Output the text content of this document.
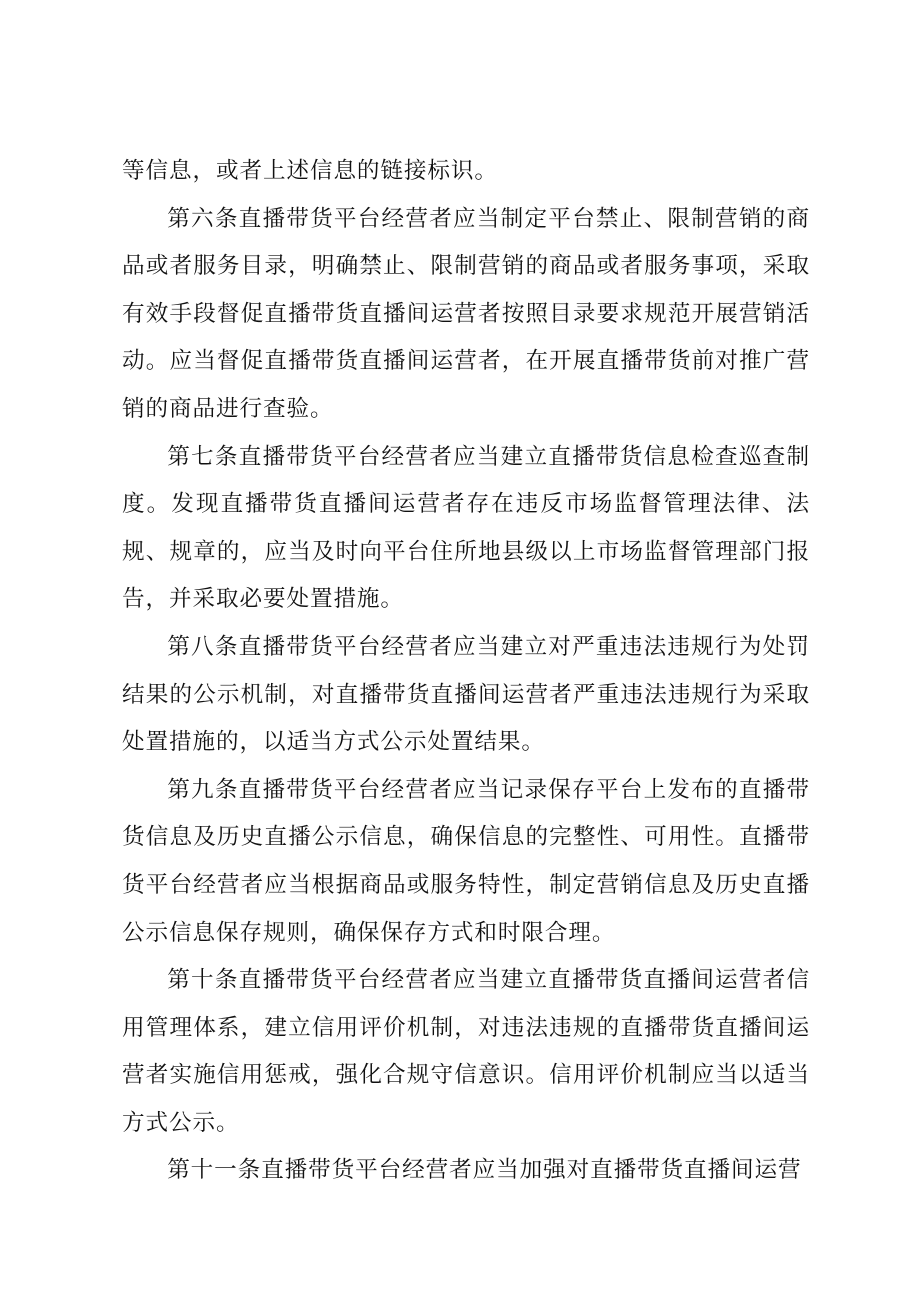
等信息，或者上述信息的链接标识。

第六条直播带货平台经营者应当制定平台禁止、限制营销的商品或者服务目录，明确禁止、限制营销的商品或者服务事项，采取有效手段督促直播带货直播间运营者按照目录要求规范开展营销活动。应当督促直播带货直播间运营者，在开展直播带货前对推广营销的商品进行查验。

第七条直播带货平台经营者应当建立直播带货信息检查巡查制度。发现直播带货直播间运营者存在违反市场监督管理法律、法规、规章的，应当及时向平台住所地县级以上市场监督管理部门报告，并采取必要处置措施。

第八条直播带货平台经营者应当建立对严重违法违规行为处罚结果的公示机制，对直播带货直播间运营者严重违法违规行为采取处置措施的，以适当方式公示处置结果。

第九条直播带货平台经营者应当记录保存平台上发布的直播带货信息及历史直播公示信息，确保信息的完整性、可用性。直播带货平台经营者应当根据商品或服务特性，制定营销信息及历史直播公示信息保存规则，确保保存方式和时限合理。

第十条直播带货平台经营者应当建立直播带货直播间运营者信用管理体系，建立信用评价机制，对违法违规的直播带货直播间运营者实施信用惩戒，强化合规守信意识。信用评价机制应当以适当方式公示。

第十一条直播带货平台经营者应当加强对直播带货直播间运营
